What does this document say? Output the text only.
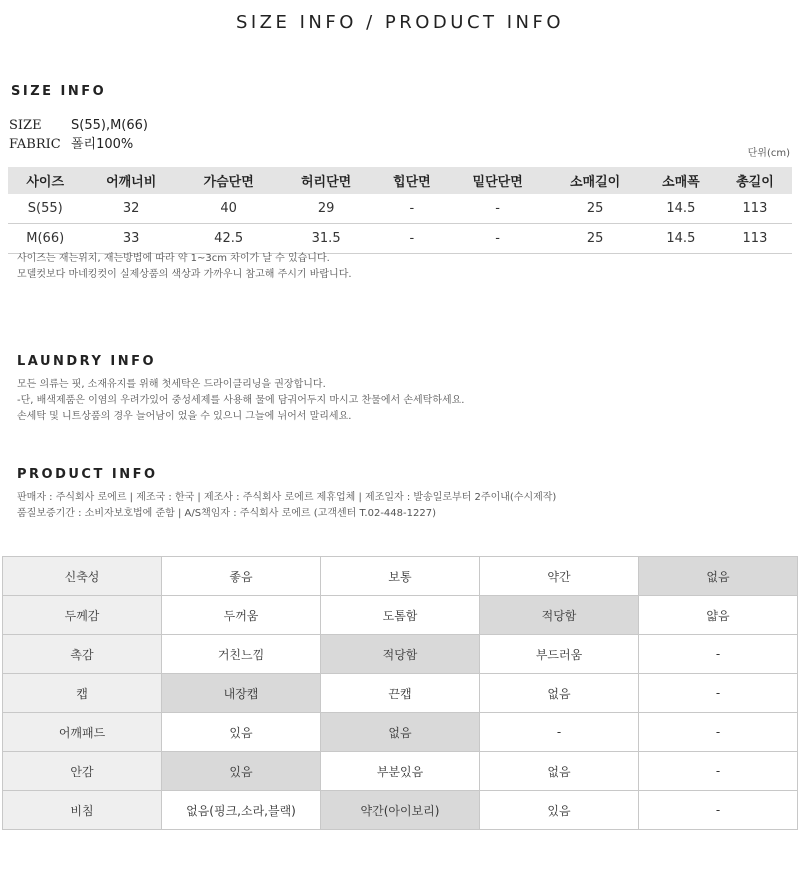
SIZE INFO / PRODUCT INFO
SIZE INFO
SIZE S(55),M(66)
FABRIC 폴리100%
단위(cm)
사이즈	어깨너비	가슴단면	허리단면	힙단면	밑단단면	소매길이	소매폭	총길이
S(55)	32	40	29	-	-	25	14.5	113
M(66)	33	42.5	31.5	-	-	25	14.5	113
사이즈는 재는위치, 재는방법에 따라 약 1~3cm 차이가 날 수 있습니다.
모델컷보다 마네킹컷이 실제상품의 색상과 가까우니 참고해 주시기 바랍니다.
LAUNDRY INFO
모든 의류는 핏, 소재유지를 위해 첫세탁은 드라이클리닝을 권장합니다.
-단, 배색제품은 이염의 우려가있어 중성세제를 사용해 물에 담궈어두지 마시고 찬물에서 손세탁하세요.
손세탁 및 니트상품의 경우 늘어남이 었을 수 있으니 그늘에 뉘어서 말리세요.
PRODUCT INFO
판매자 : 주식회사 로에르 | 제조국 : 한국 | 제조사 : 주식회사 로에르 제휴업체 | 제조일자 : 발송일로부터 2주이내(수시제작)
품질보증기간 : 소비자보호법에 준함 | A/S책임자 : 주식회사 로에르 (고객센터 T.02-448-1227)
신축성	좋음	보통	약간	없음
두께감	두꺼움	도톰함	적당함	얇음
촉감	거친느낌	적당함	부드러움	-
캡	내장캡	끈캡	없음	-
어깨패드	있음	없음	-	-
안감	있음	부분있음	없음	-
비침	없음(핑크,소라,블랙)	약간(아이보리)	있음	-
